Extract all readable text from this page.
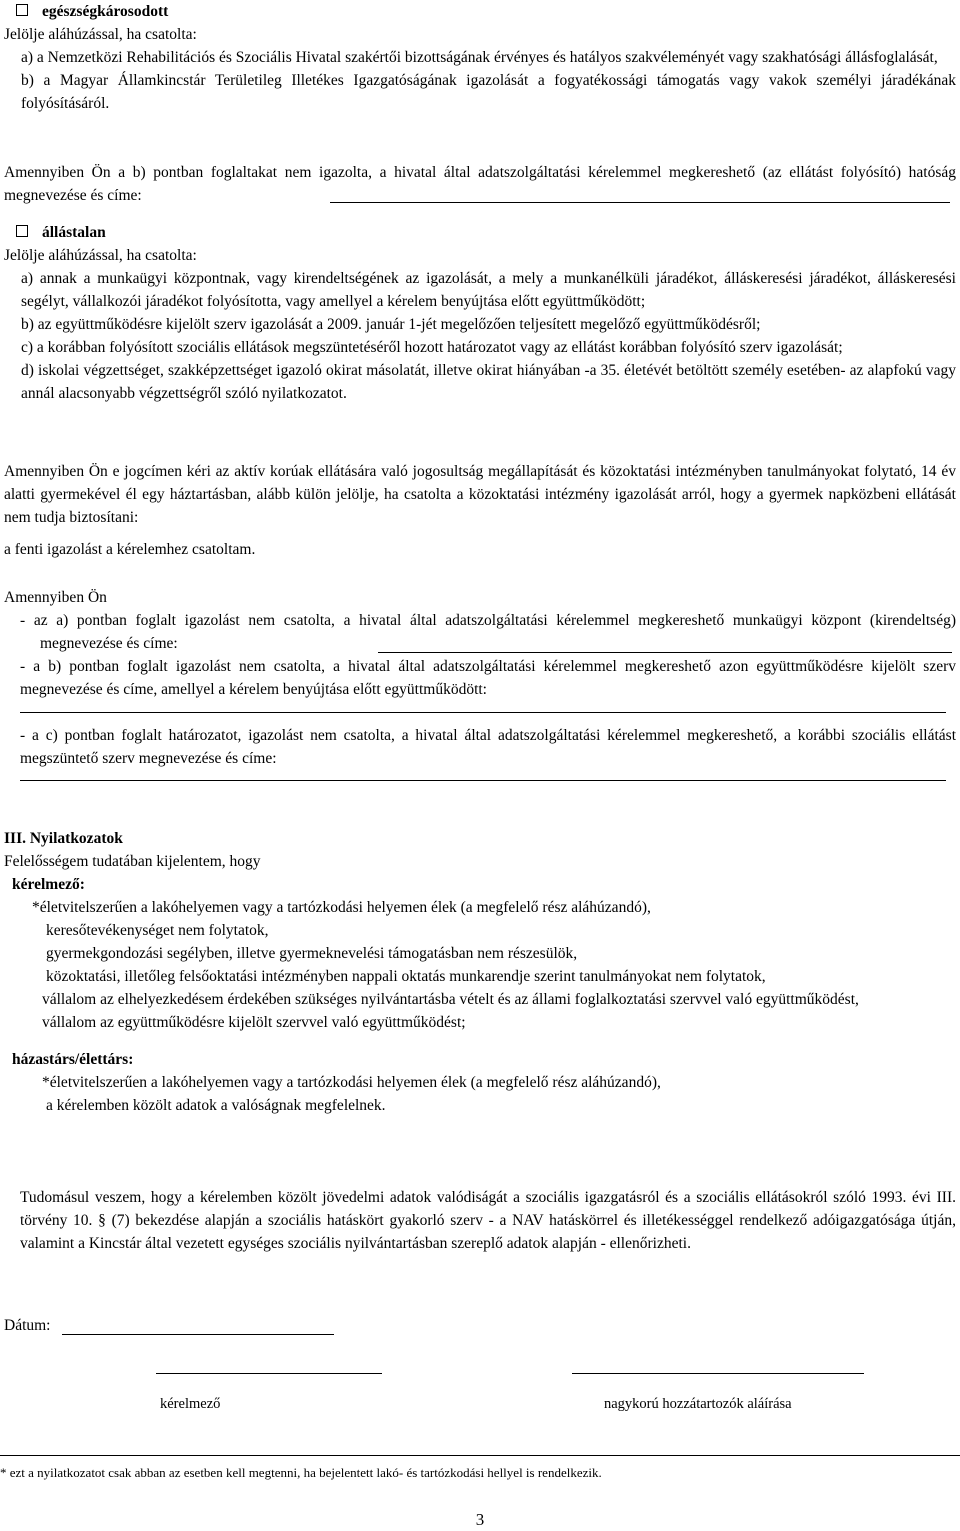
egészségkárosodott

Jelölje aláhúzással, ha csatolta:

a) a Nemzetközi Rehabilitációs és Szociális Hivatal szakértői bizottságának érvényes és hatályos szakvéleményét vagy szakhatósági állásfoglalását,

b) a Magyar Államkincstár Területileg Illetékes Igazgatóságának igazolását a fogyatékossági támogatás vagy vakok személyi járadékának folyósításáról.

Amennyiben Ön a b) pontban foglaltakat nem igazolta, a hivatal által adatszolgáltatási kérelemmel megkereshető (az ellátást folyósító) hatóság megnevezése és címe:

állástalan

Jelölje aláhúzással, ha csatolta:

a) annak a munkaügyi központnak, vagy kirendeltségének az igazolását, a mely a munkanélküli járadékot, álláskeresési járadékot, álláskeresési segélyt, vállalkozói járadékot folyósította, vagy amellyel a kérelem benyújtása előtt együttműködött;

b) az együttműködésre kijelölt szerv igazolását a 2009. január 1-jét megelőzően teljesített megelőző együttműködésről;

c) a korábban folyósított szociális ellátások megszüntetéséről hozott határozatot vagy az ellátást korábban folyósító szerv igazolását;

d) iskolai végzettséget, szakképzettséget igazoló okirat másolatát, illetve okirat hiányában -a 35. életévét betöltött személy esetében- az alapfokú vagy annál alacsonyabb végzettségről szóló nyilatkozatot.

Amennyiben Ön e jogcímen kéri az aktív korúak ellátására való jogosultság megállapítását és közoktatási intézményben tanulmányokat folytató, 14 év alatti gyermekével él egy háztartásban, alább külön jelölje, ha csatolta a közoktatási intézmény igazolását arról, hogy a gyermek napközbeni ellátását nem tudja biztosítani:

a fenti igazolást a kérelemhez csatoltam.

Amennyiben Ön

- az a) pontban foglalt igazolást nem csatolta, a hivatal által adatszolgáltatási kérelemmel megkereshető munkaügyi központ (kirendeltség) megnevezése és címe:

- a b) pontban foglalt igazolást nem csatolta, a hivatal által adatszolgáltatási kérelemmel megkereshető azon együttműködésre kijelölt szerv megnevezése és címe, amellyel a kérelem benyújtása előtt együttműködött:

- a c) pontban foglalt határozatot, igazolást nem csatolta, a hivatal által adatszolgáltatási kérelemmel megkereshető, a korábbi szociális ellátást megszüntető szerv megnevezése és címe:

III. Nyilatkozatok

Felelősségem tudatában kijelentem, hogy

kérelmező:

*életvitelszerűen a lakóhelyemen vagy a tartózkodási helyemen élek (a megfelelő rész aláhúzandó),

keresőtevékenységet nem folytatok,

gyermekgondozási segélyben, illetve gyermeknevelési támogatásban nem részesülök,

közoktatási, illetőleg felsőoktatási intézményben nappali oktatás munkarendje szerint tanulmányokat nem folytatok,

vállalom az elhelyezkedésem érdekében szükséges nyilvántartásba vételt és az állami foglalkoztatási szervvel való együttműködést,

vállalom az együttműködésre kijelölt szervvel való együttműködést;

házastárs/élettárs:

*életvitelszerűen a lakóhelyemen vagy a tartózkodási helyemen élek (a megfelelő rész aláhúzandó),

a kérelemben közölt adatok a valóságnak megfelelnek.

Tudomásul veszem, hogy a kérelemben közölt jövedelmi adatok valódiságát a szociális igazgatásról és a szociális ellátásokról szóló 1993. évi III. törvény 10. § (7) bekezdése alapján a szociális hatáskört gyakorló szerv - a NAV hatáskörrel és illetékességgel rendelkező adóigazgatósága útján, valamint a Kincstár által vezetett egységes szociális nyilvántartásban szereplő adatok alapján - ellenőrizheti.

Dátum:

kérelmező	nagykorú hozzátartozók aláírása
* ezt a nyilatkozatot csak abban az esetben kell megtenni, ha bejelentett lakó- és tartózkodási hellyel is rendelkezik.
3
